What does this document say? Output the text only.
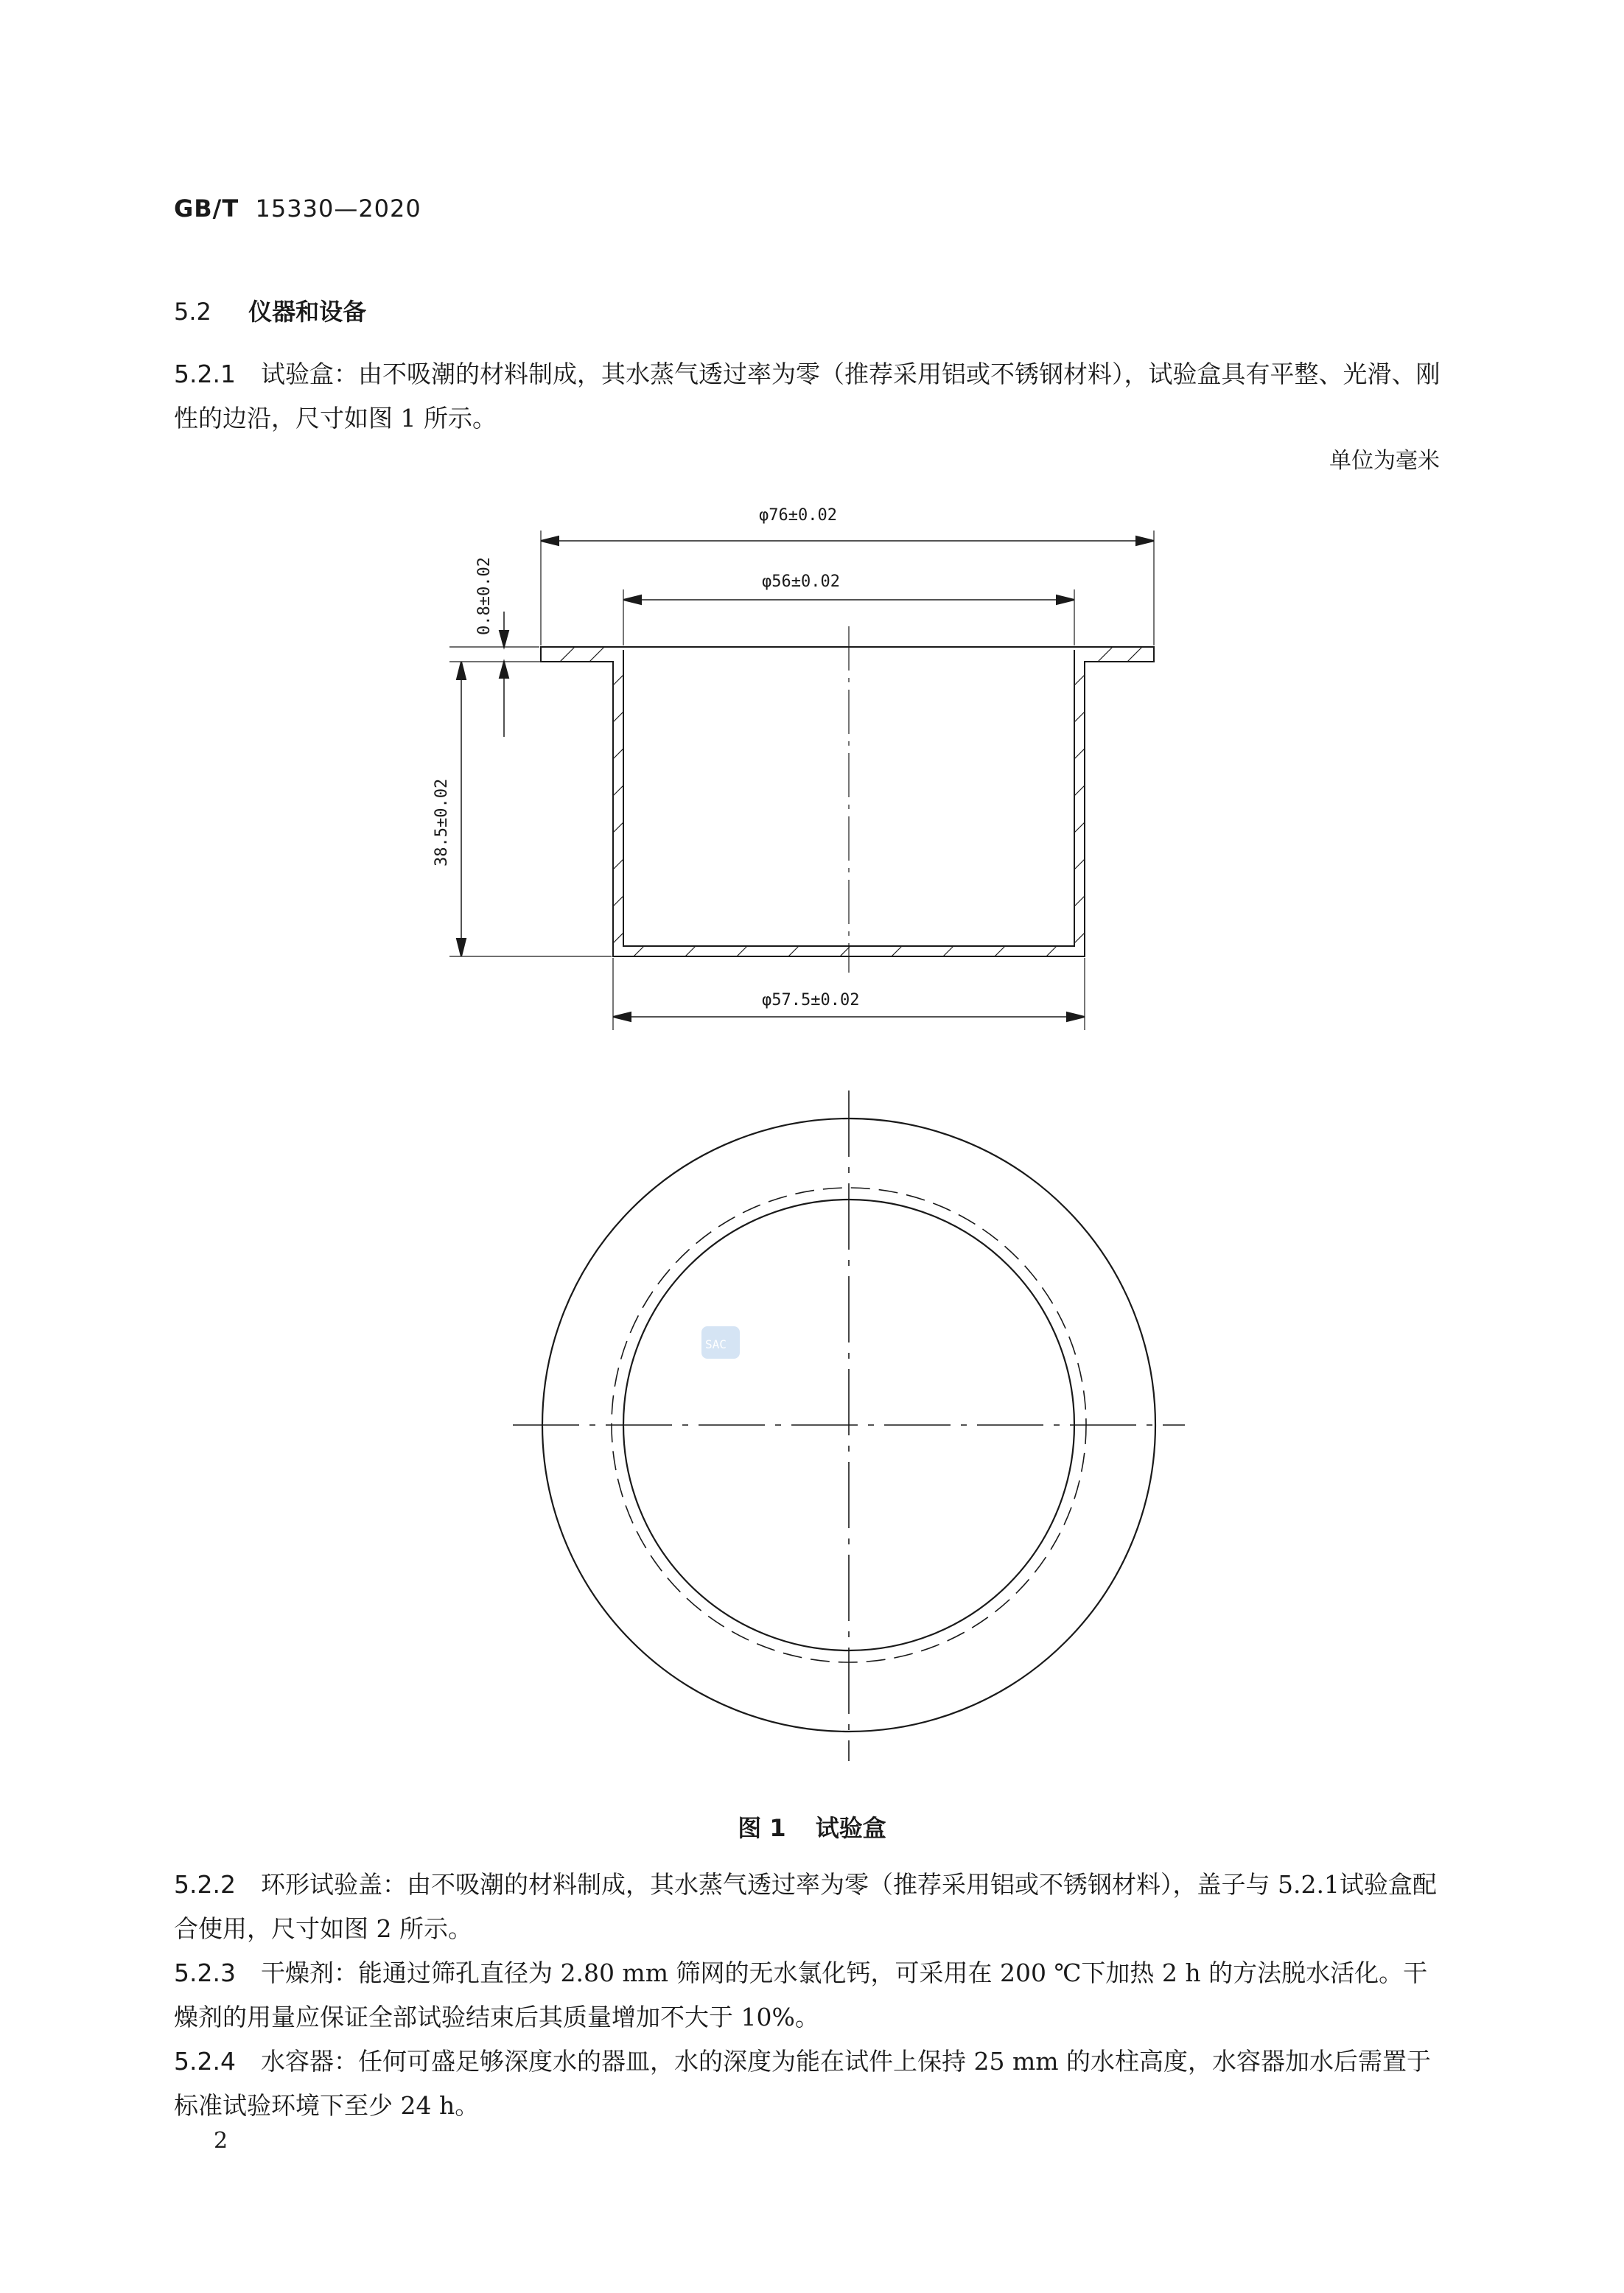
GB/T 15330—2020
5.2 仪器和设备
5.2.1 试验盒：由不吸潮的材料制成，其水蒸气透过率为零（推荐采用铝或不锈钢材料），试验盒具有平整、光滑、刚性的边沿，尺寸如图 1 所示。
单位为毫米
SAC
φ76±0.02
φ56±0.02
φ57.5±0.02
38.5±0.02
0.8±0.02
图 1 试验盒
5.2.2 环形试验盖：由不吸潮的材料制成，其水蒸气透过率为零（推荐采用铝或不锈钢材料），盖子与 5.2.1试验盒配合使用，尺寸如图 2 所示。
5.2.3 干燥剂：能通过筛孔直径为 2.80 mm 筛网的无水氯化钙，可采用在 200 ℃下加热 2 h 的方法脱水活化。干燥剂的用量应保证全部试验结束后其质量增加不大于 10%。
5.2.4 水容器：任何可盛足够深度水的器皿，水的深度为能在试件上保持 25 mm 的水柱高度，水容器加水后需置于标准试验环境下至少 24 h。
2
